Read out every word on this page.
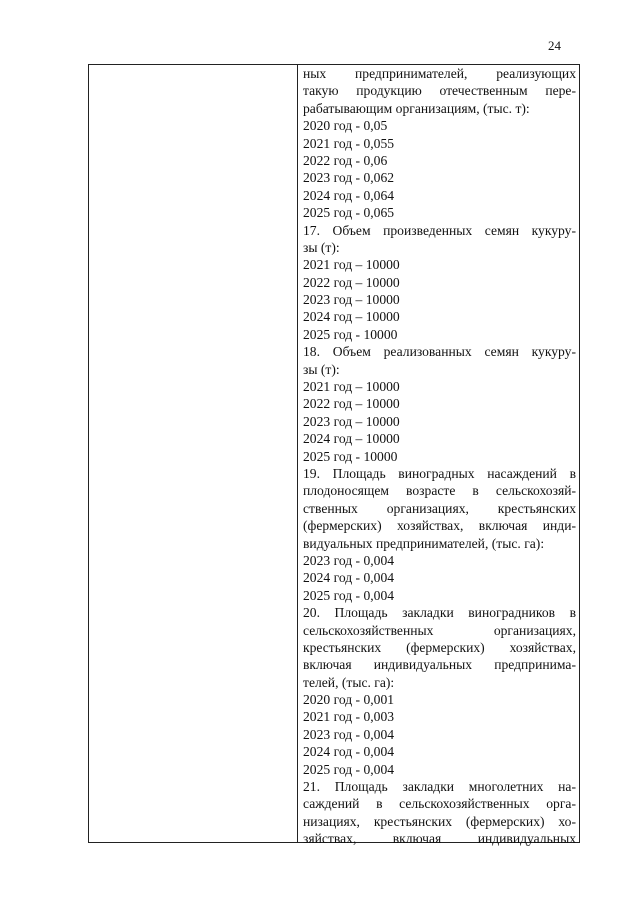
24
ных предпринимателей, реализующих
такую продукцию отечественным пере-
рабатывающим организациям, (тыс. т):
2020 год - 0,05
2021 год - 0,055
2022 год - 0,06
2023 год - 0,062
2024 год - 0,064
2025 год - 0,065
17. Объем произведенных семян кукуру-
зы (т):
2021 год – 10000
2022 год – 10000
2023 год – 10000
2024 год – 10000
2025 год - 10000
18. Объем реализованных семян кукуру-
зы (т):
2021 год – 10000
2022 год – 10000
2023 год – 10000
2024 год – 10000
2025 год - 10000
19. Площадь виноградных насаждений в
плодоносящем возрасте в сельскохозяй-
ственных организациях, крестьянских
(фермерских) хозяйствах, включая инди-
видуальных предпринимателей, (тыс. га):
2023 год - 0,004
2024 год - 0,004
2025 год - 0,004
20. Площадь закладки виноградников в
сельскохозяйственных организациях,
крестьянских (фермерских) хозяйствах,
включая индивидуальных предпринима-
телей, (тыс. га):
2020 год - 0,001
2021 год - 0,003
2023 год - 0,004
2024 год - 0,004
2025 год - 0,004
21. Площадь закладки многолетних на-
саждений в сельскохозяйственных орга-
низациях, крестьянских (фермерских) хо-
зяйствах, включая индивидуальных
